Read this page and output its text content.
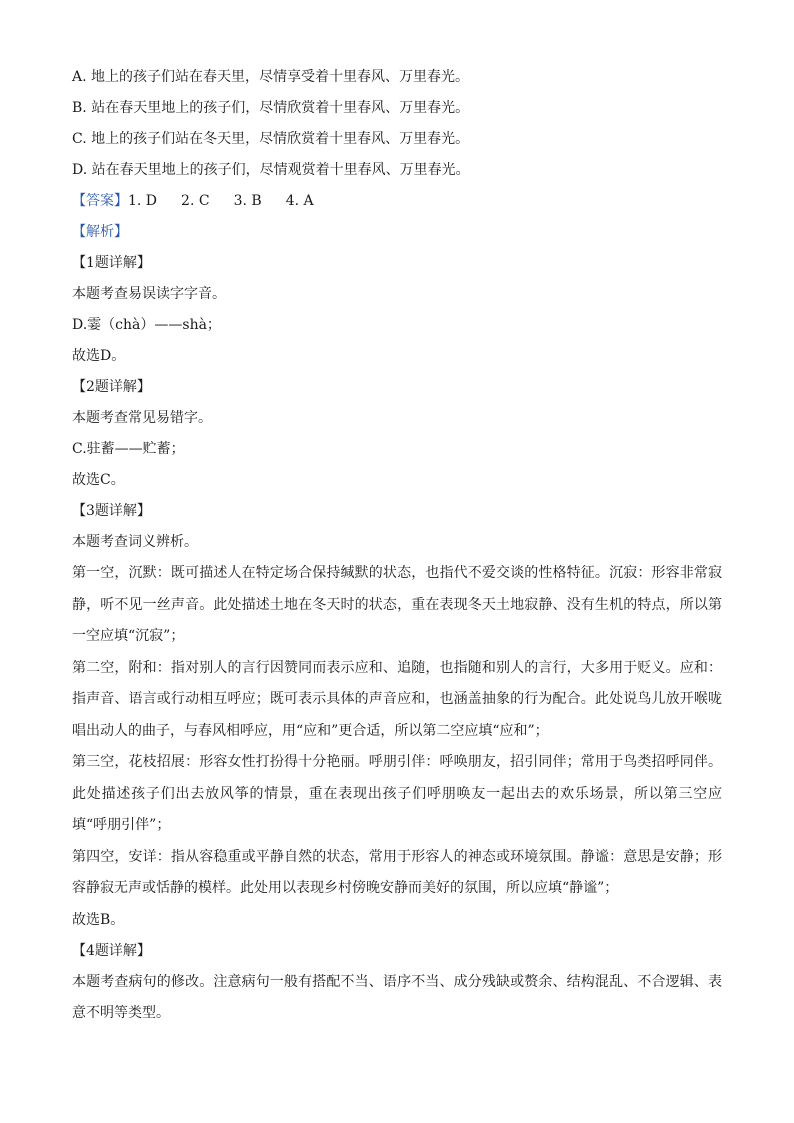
A. 地上的孩子们站在春天里，尽情享受着十里春风、万里春光。
B. 站在春天里地上的孩子们，尽情欣赏着十里春风、万里春光。
C. 地上的孩子们站在冬天里，尽情欣赏着十里春风、万里春光。
D. 站在春天里地上的孩子们，尽情观赏着十里春风、万里春光。
【答案】1. D 2. C 3. B 4. A
【解析】
【1题详解】
本题考查易误读字字音。
D.霎（chà）——shà；
故选D。
【2题详解】
本题考查常见易错字。
C.驻蓄——贮蓄；
故选C。
【3题详解】
本题考查词义辨析。
第一空，沉默：既可描述人在特定场合保持缄默的状态，也指代不爱交谈的性格特征。沉寂：形容非常寂静，听不见一丝声音。此处描述土地在冬天时的状态，重在表现冬天土地寂静、没有生机的特点，所以第一空应填“沉寂”；
第二空，附和：指对别人的言行因赞同而表示应和、追随，也指随和别人的言行，大多用于贬义。应和：指声音、语言或行动相互呼应；既可表示具体的声音应和，也涵盖抽象的行为配合。此处说鸟儿放开喉咙唱出动人的曲子，与春风相呼应，用“应和”更合适，所以第二空应填“应和”；
第三空，花枝招展：形容女性打扮得十分艳丽。呼朋引伴：呼唤朋友，招引同伴；常用于鸟类招呼同伴。此处描述孩子们出去放风筝的情景，重在表现出孩子们呼朋唤友一起出去的欢乐场景，所以第三空应填“呼朋引伴”；
第四空，安详：指从容稳重或平静自然的状态，常用于形容人的神态或环境氛围。静谧：意思是安静；形容静寂无声或恬静的模样。此处用以表现乡村傍晚安静而美好的氛围，所以应填“静谧”；
故选B。
【4题详解】
本题考查病句的修改。注意病句一般有搭配不当、语序不当、成分残缺或赘余、结构混乱、不合逻辑、表意不明等类型。
